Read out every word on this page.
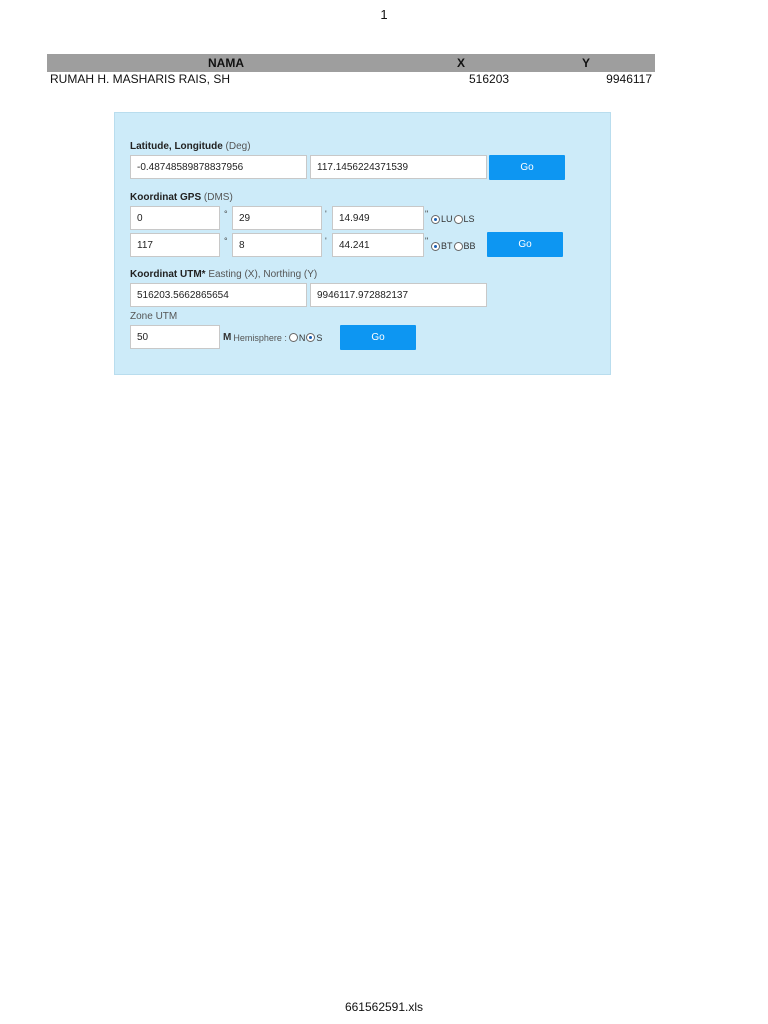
1
NAMA	X	Y
RUMAH H. MASHARIS RAIS, SH	516203	9946117
Latitude, Longitude (Deg)
-0.48748589878837956	117.1456224371539	Go
Koordinat GPS (DMS)
0	°	29	'	14.949	" LU LS
117	°	8	'	44.241	" BT BB	Go
Koordinat UTM* Easting (X), Northing (Y)
516203.5662865654	9946117.972882137
Zone UTM
50	M Hemisphere : N S	Go
661562591.xls
